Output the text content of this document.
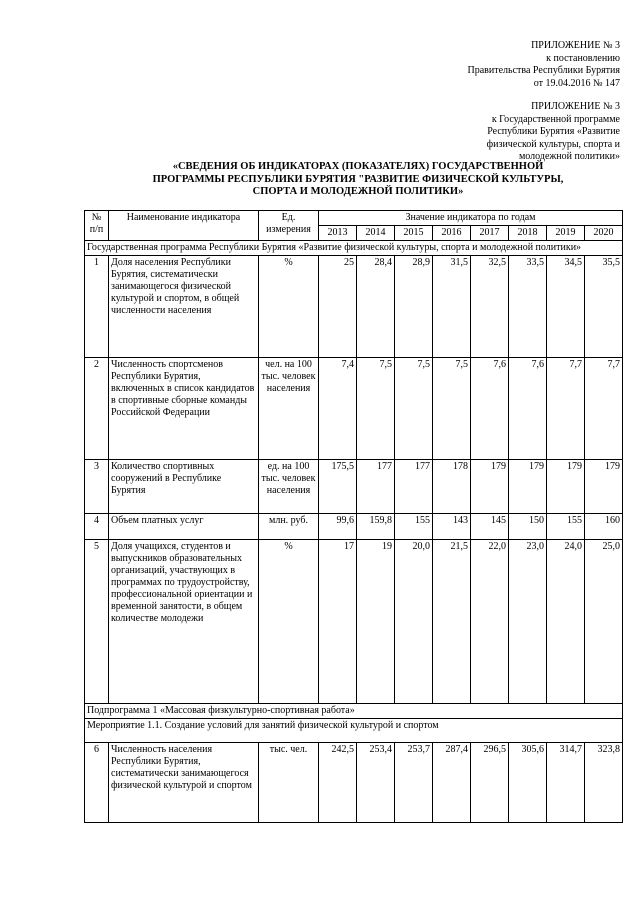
ПРИЛОЖЕНИЕ № 3
к постановлению
Правительства Республики Бурятия
от 19.04.2016 № 147
ПРИЛОЖЕНИЕ № 3
к Государственной программе
Республики Бурятия «Развитие
физической культуры, спорта и
молодежной политики»
«СВЕДЕНИЯ ОБ ИНДИКАТОРАХ (ПОКАЗАТЕЛЯХ) ГОСУДАРСТВЕННОЙ
ПРОГРАММЫ РЕСПУБЛИКИ БУРЯТИЯ "РАЗВИТИЕ ФИЗИЧЕСКОЙ КУЛЬТУРЫ,
СПОРТА И МОЛОДЕЖНОЙ ПОЛИТИКИ»
№ п/п	Наименование индикатора	Ед. измерения	Значение индикатора по годам							
			2013	2014	2015	2016	2017	2018	2019	2020
Государственная программа Республики Бурятия «Развитие физической культуры, спорта и молодежной политики»										
1	Доля населения Республики Бурятия, систематически занимающегося физической культурой и спортом, в общей численности населения	%	25	28,4	28,9	31,5	32,5	33,5	34,5	35,5
2	Численность спортсменов Республики Бурятия, включенных в список кандидатов в спортивные сборные команды Российской Федерации	чел. на 100 тыс. человек населения	7,4	7,5	7,5	7,5	7,6	7,6	7,7	7,7
3	Количество спортивных сооружений в Республике Бурятия	ед. на 100 тыс. человек населения	175,5	177	177	178	179	179	179	179
4	Объем платных услуг	млн. руб.	99,6	159,8	155	143	145	150	155	160
5	Доля учащихся, студентов и выпускников образовательных организаций, участвующих в программах по трудоустройству, профессиональной ориентации и временной занятости, в общем количестве молодежи	%	17	19	20,0	21,5	22,0	23,0	24,0	25,0
Подпрограмма 1 «Массовая физкультурно-спортивная работа»										
Мероприятие 1.1. Создание условий для занятий физической культурой и спортом										
6	Численность населения Республики Бурятия, систематически занимающегося физической культурой и спортом	тыс. чел.	242,5	253,4	253,7	287,4	296,5	305,6	314,7	323,8
